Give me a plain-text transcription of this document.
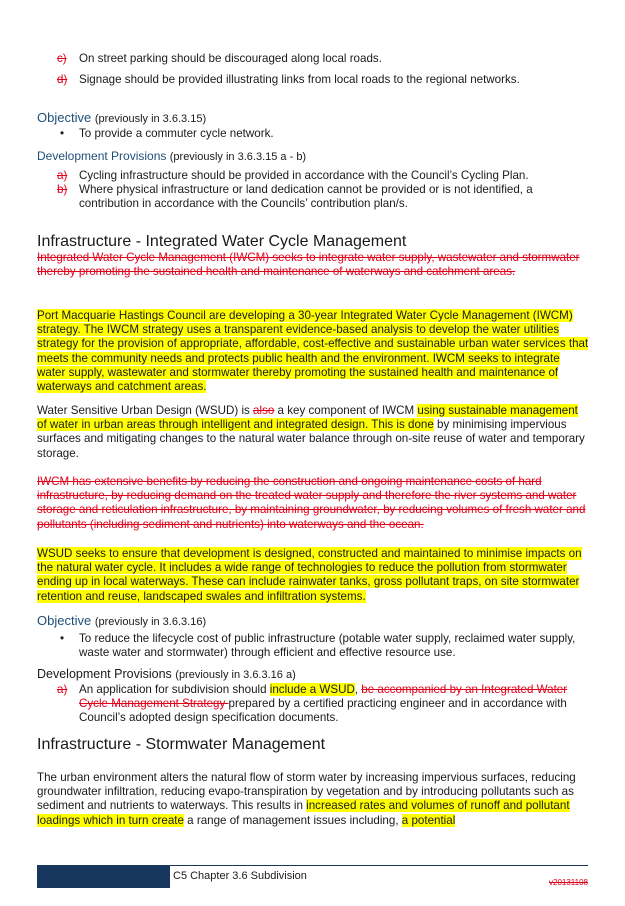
c) On street parking should be discouraged along local roads.
d) Signage should be provided illustrating links from local roads to the regional networks.
Objective (previously in 3.6.3.15)
• To provide a commuter cycle network.
Development Provisions (previously in 3.6.3.15 a - b)
a) Cycling infrastructure should be provided in accordance with the Council’s Cycling Plan.
b) Where physical infrastructure or land dedication cannot be provided or is not identified, a contribution in accordance with the Councils’ contribution plan/s.
Infrastructure - Integrated Water Cycle Management
Integrated Water Cycle Management (IWCM) seeks to integrate water supply, wastewater and stormwater thereby promoting the sustained health and maintenance of waterways and catchment areas.
Port Macquarie Hastings Council are developing a 30-year Integrated Water Cycle Management (IWCM) strategy. The IWCM strategy uses a transparent evidence-based analysis to develop the water utilities strategy for the provision of appropriate, affordable, cost-effective and sustainable urban water services that meets the community needs and protects public health and the environment. IWCM seeks to integrate water supply, wastewater and stormwater thereby promoting the sustained health and maintenance of waterways and catchment areas.
Water Sensitive Urban Design (WSUD) is also a key component of IWCM using sustainable management of water in urban areas through intelligent and integrated design. This is done by minimising impervious surfaces and mitigating changes to the natural water balance through on-site reuse of water and temporary storage.
IWCM has extensive benefits by reducing the construction and ongoing maintenance costs of hard infrastructure, by reducing demand on the treated water supply and therefore the river systems and water storage and reticulation infrastructure, by maintaining groundwater, by reducing volumes of fresh water and pollutants (including sediment and nutrients) into waterways and the ocean.
WSUD seeks to ensure that development is designed, constructed and maintained to minimise impacts on the natural water cycle. It includes a wide range of technologies to reduce the pollution from stormwater ending up in local waterways. These can include rainwater tanks, gross pollutant traps, on site stormwater retention and reuse, landscaped swales and infiltration systems.
Objective (previously in 3.6.3.16)
• To reduce the lifecycle cost of public infrastructure (potable water supply, reclaimed water supply, waste water and stormwater) through efficient and effective resource use.
Development Provisions (previously in 3.6.3.16 a)
a) An application for subdivision should include a WSUD, be accompanied by an Integrated Water Cycle Management Strategy prepared by a certified practicing engineer and in accordance with Council’s adopted design specification documents.
Infrastructure - Stormwater Management
The urban environment alters the natural flow of storm water by increasing impervious surfaces, reducing groundwater infiltration, reducing evapo-transpiration by vegetation and by introducing pollutants such as sediment and nutrients to waterways. This results in increased rates and volumes of runoff and pollutant loadings which in turn create a range of management issues including, a potential
C5 Chapter 3.6 Subdivision
v20131108
